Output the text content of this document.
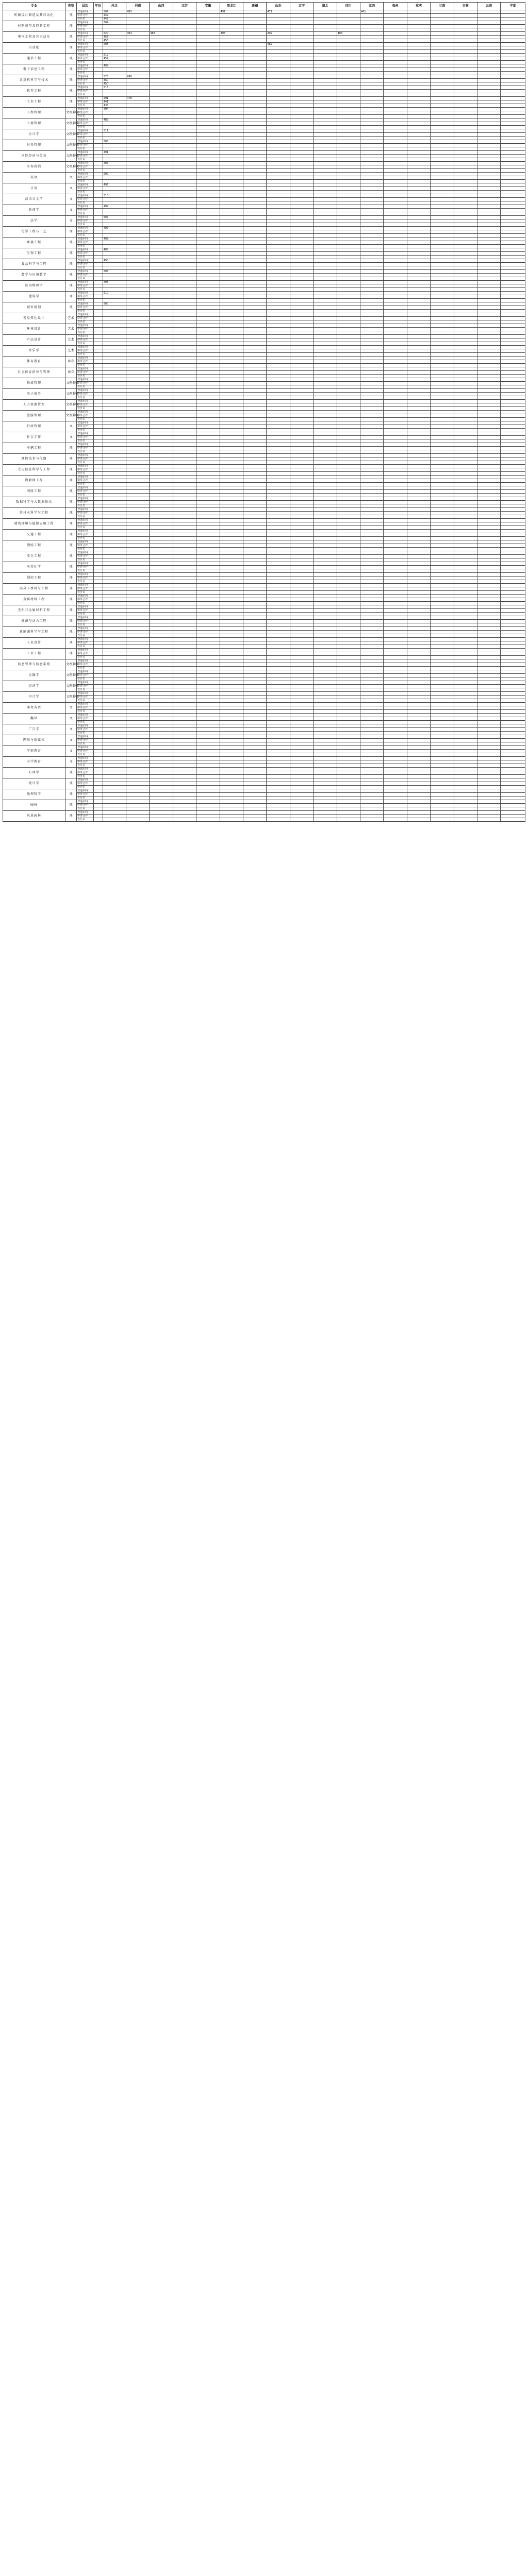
专业	类型	层次	年份	河北	河南	山西	江苏	安徽	黑龙江	新疆	山东	辽宁	湖北	四川	江西	贵州	重庆	甘肃	吉林	云南	宁夏
机械设计制造及其自动化	理	普通本科		507	485				491		471				461						
		中外合作		449																	
		专升本		445																	
材料成型及控制工程	理	普通本科		502																	
		中外合作																			
		专升本																			
电气工程及其自动化	理	普通本科		520	493	483			496		499			483							
		中外合作		458																	
		专升本		455																	
自动化	理	普通本科		508							482										
		中外合作																			
		专升本																			
通信工程	理	普通本科		512																	
		中外合作		452																	
		专升本																			
电子信息工程	理	普通本科		498																	
		中外合作																			
		专升本																			
计算机科学与技术	理	普通本科		525	496																
		中外合作		460																	
		专升本		450																	
软件工程	理	普通本科		516																	
		中外合作																			
		专升本																			
土木工程	理	普通本科		501	478																
		中外合作		441																	
		专升本		438																	
工程管理	文理兼收	普通本科		494																	
		中外合作																			
		专升本																			
工商管理	文理兼收	普通本科		489																	
		中外合作																			
		专升本																			
会计学	文理兼收	普通本科		511																	
		中外合作																			
		专升本																			
财务管理	文理兼收	普通本科		505																	
		中外合作																			
		专升本																			
国际经济与贸易	文理兼收	普通本科		491																	
		中外合作																			
		专升本																			
市场营销	文理兼收	普通本科		486																	
		中外合作																			
		专升本																			
英语	文	普通本科		509																	
		中外合作																			
		专升本																			
日语	文	普通本科		496																	
		中外合作																			
		专升本																			
汉语言文学	文	普通本科		513																	
		中外合作																			
		专升本																			
新闻学	文	普通本科		499																	
		中外合作																			
		专升本																			
法学	文	普通本科		507																	
		中外合作																			
		专升本																			
化学工程与工艺	理	普通本科		497																	
		中外合作																			
		专升本																			
环境工程	理	普通本科		492																	
		中外合作																			
		专升本																			
生物工程	理	普通本科		488																	
		中外合作																			
		专升本																			
食品科学与工程	理	普通本科		490																	
		中外合作																			
		专升本																			
数学与应用数学	理	普通本科		503																	
		中外合作																			
		专升本																			
应用物理学	理	普通本科		495																	
		中外合作																			
		专升本																			
建筑学	理	普通本科		510																	
		中外合作																			
		专升本																			
城乡规划	理	普通本科		500																	
		中外合作																			
		专升本																			
视觉传达设计	艺术	普通本科																			
		中外合作																			
		专升本																			
环境设计	艺术	普通本科																			
		中外合作																			
		专升本																			
产品设计	艺术	普通本科																			
		中外合作																			
		专升本																			
音乐学	艺术	普通本科																			
		中外合作																			
		专升本																			
体育教育	体育	普通本科																			
		中外合作																			
		专升本																			
社会体育指导与管理	体育	普通本科																			
		中外合作																			
		专升本																			
物流管理	文理兼收	普通本科																			
		中外合作																			
		专升本																			
电子商务	文理兼收	普通本科																			
		中外合作																			
		专升本																			
人力资源管理	文理兼收	普通本科																			
		中外合作																			
		专升本																			
旅游管理	文理兼收	普通本科																			
		中外合作																			
		专升本																			
行政管理	文	普通本科																			
		中外合作																			
		专升本																			
社会工作	文	普通本科																			
		中外合作																			
		专升本																			
车辆工程	理	普通本科																			
		中外合作																			
		专升本																			
测控技术与仪器	理	普通本科																			
		中外合作																			
		专升本																			
光电信息科学与工程	理	普通本科																			
		中外合作																			
		专升本																			
物联网工程	理	普通本科																			
		中外合作																			
		专升本																			
网络工程	理	普通本科																			
		中外合作																			
		专升本																			
数据科学与大数据技术	理	普通本科																			
		中外合作																			
		专升本																			
给排水科学与工程	理	普通本科																			
		中外合作																			
		专升本																			
建筑环境与能源应用工程	理	普通本科																			
		中外合作																			
		专升本																			
交通工程	理	普通本科																			
		中外合作																			
		专升本																			
测绘工程	理	普通本科																			
		中外合作																			
		专升本																			
安全工程	理	普通本科																			
		中外合作																			
		专升本																			
应用化学	理	普通本科																			
		中外合作																			
		专升本																			
制药工程	理	普通本科																			
		中外合作																			
		专升本																			
高分子材料与工程	理	普通本科																			
		中外合作																			
		专升本																			
金属材料工程	理	普通本科																			
		中外合作																			
		专升本																			
无机非金属材料工程	理	普通本科																			
		中外合作																			
		专升本																			
能源与动力工程	理	普通本科																			
		中外合作																			
		专升本																			
新能源科学与工程	理	普通本科																			
		中外合作																			
		专升本																			
工业设计	理	普通本科																			
		中外合作																			
		专升本																			
工业工程	理	普通本科																			
		中外合作																			
		专升本																			
信息管理与信息系统	文理兼收	普通本科																			
		中外合作																			
		专升本																			
金融学	文理兼收	普通本科																			
		中外合作																			
		专升本																			
经济学	文理兼收	普通本科																			
		中外合作																			
		专升本																			
审计学	文理兼收	普通本科																			
		中外合作																			
		专升本																			
商务英语	文	普通本科																			
		中外合作																			
		专升本																			
翻译	文	普通本科																			
		中外合作																			
		专升本																			
广告学	文	普通本科																			
		中外合作																			
		专升本																			
网络与新媒体	文	普通本科																			
		中外合作																			
		专升本																			
学前教育	文	普通本科																			
		中外合作																			
		专升本																			
小学教育	文	普通本科																			
		中外合作																			
		专升本																			
心理学	理	普通本科																			
		中外合作																			
		专升本																			
统计学	理	普通本科																			
		中外合作																			
		专升本																			
地理科学	理	普通本科																			
		中外合作																			
		专升本																			
园林	理	普通本科																			
		中外合作																			
		专升本																			
风景园林	理	普通本科																			
		中外合作																			
		专升本																			
